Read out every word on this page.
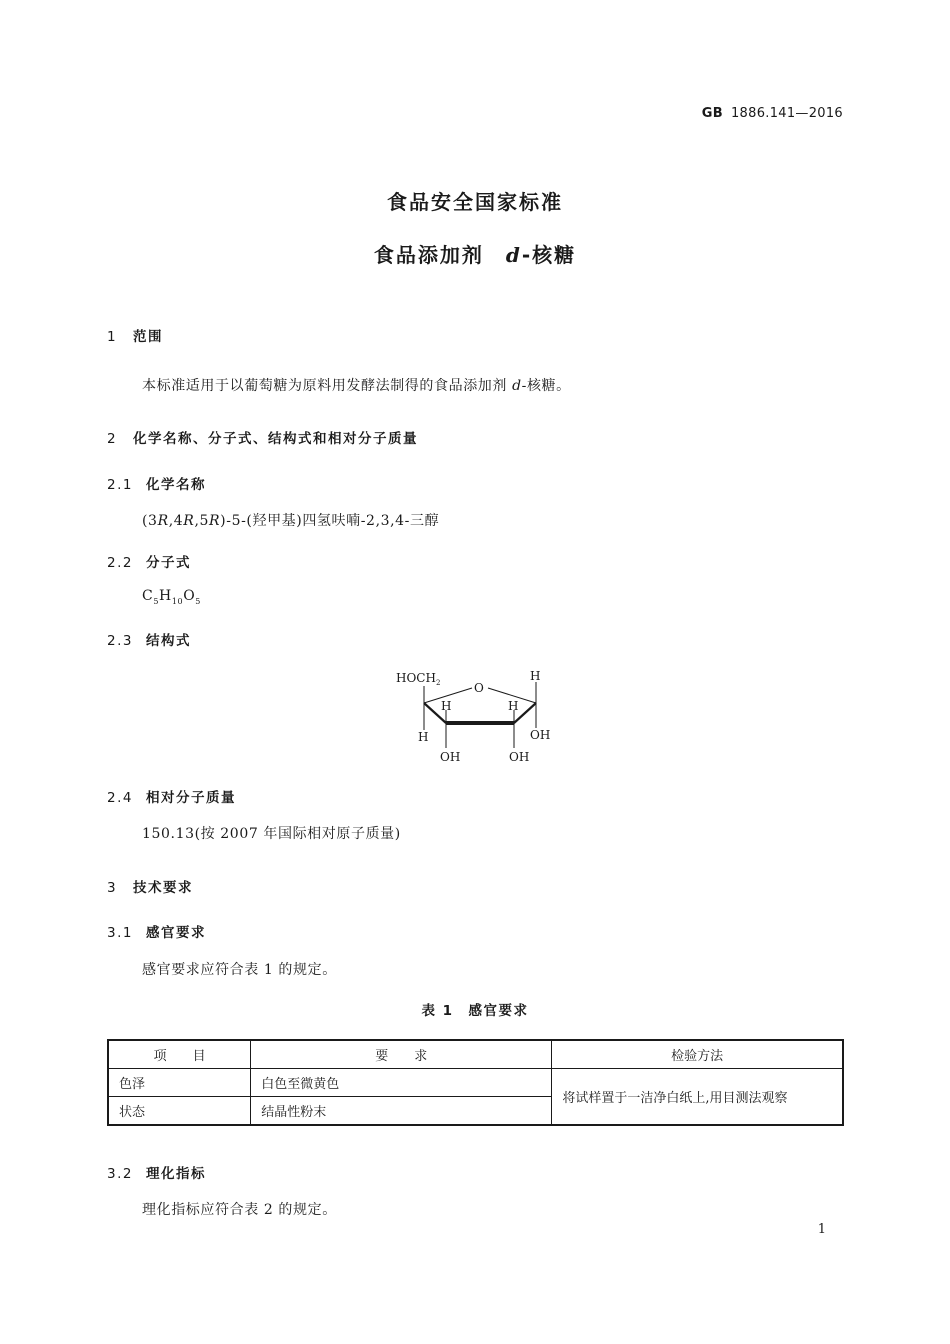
GB 1886.141—2016
食品安全国家标准
食品添加剂 d-核糖
1 范围
本标准适用于以葡萄糖为原料用发酵法制得的食品添加剂 d-核糖。
2 化学名称、分子式、结构式和相对分子质量
2.1 化学名称
(3R,4R,5R)-5-(羟甲基)四氢呋喃-2,3,4-三醇
2.2 分子式
$C_5H_{10}O_5$
2.3 结构式
$HOCH_2$	O
H
H	H
H	OH
OH	OH
2.4 相对分子质量
150.13(按 2007 年国际相对原子质量)
3 技术要求
3.1 感官要求
感官要求应符合表 1 的规定。
表 1　感官要求
项　　目	要　　求	检验方法
色泽	白色至微黄色	将试样置于一洁净白纸上,用目测法观察
状态	结晶性粉末	
3.2 理化指标
理化指标应符合表 2 的规定。
1
